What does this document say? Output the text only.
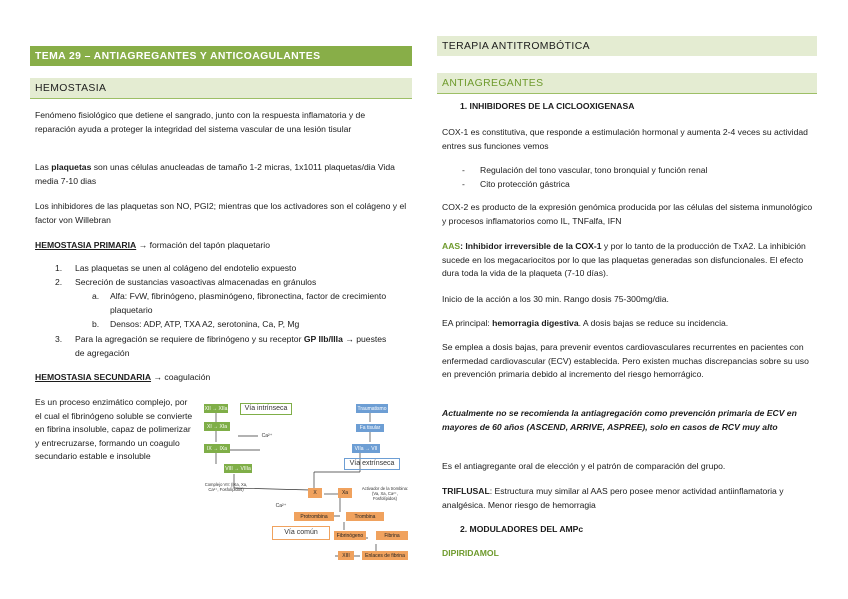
TEMA 29 – ANTIAGREGANTES Y ANTICOAGULANTES
HEMOSTASIA

Fenómeno fisiológico que detiene el sangrado, junto con la respuesta inflamatoria y de reparación ayuda a proteger la integridad del sistema vascular de una lesión tisular

Las plaquetas son unas células anucleadas de tamaño 1-2 micras, 1x1011 plaquetas/dia Vida media 7-10 dias

Los inhibidores de las plaquetas son NO, PGI2; mientras que los activadores son el colágeno y el factor von Willebran

HEMOSTASIA PRIMARIA → formación del tapón plaquetario

1. Las plaquetas se unen al colágeno del endotelio expuesto
2. Secreción de sustancias vasoactivas almacenadas en gránulos
a. Alfa: FvW, fibrinógeno, plasminógeno, fibronectina, factor de crecimiento plaquetario
b. Densos: ADP, ATP, TXA A2, serotonina, Ca, P, Mg
3. Para la agregación se requiere de fibrinógeno y su receptor GP IIb/IIIa → puestes de agregación

HEMOSTASIA SECUNDARIA → coagulación

Es un proceso enzimático complejo, por el cual el fibrinógeno soluble se convierte en fibrina insoluble, capaz de polimerizar y entrecruzarse, formando un coagulo secundario estable e insoluble

XII → XIIa	Vía intrínseca
XI → XIa
Ca²⁺
IX → IXa
VIII → VIIIa
Complejo VII: (IXa, Xa, Ca²⁺, Fosfolípidos)
Ca²⁺
Traumatismo
Fa tisular
VIIa → VII
Vía extrínseca
X	Xa
Activador de la trombina: (Va, Xa, Ca²⁺, Fosfolípidos)
Protrombina	Trombina
Vía común	Fibrinógeno	Fibrina
XIII	Enlaces de fibrina
TERAPIA ANTITROMBÓTICA
ANTIAGREGANTES

1. INHIBIDORES DE LA CICLOOXIGENASA

COX-1 es constitutiva, que responde a estimulación hormonal y aumenta 2-4 veces su actividad entres sus funciones vemos

- Regulación del tono vascular, tono bronquial y función renal
- Cito protección gástrica

COX-2 es producto de la expresión genómica producida por las células del sistema inmunológico y procesos inflamatorios como IL, TNFalfa, IFN

AAS: Inhibidor irreversible de la COX-1 y por lo tanto de la producción de TxA2. La inhibición sucede en los megacariocitos por lo que las plaquetas generadas son disfuncionales. El efecto dura toda la vida de la plaqueta (7-10 días).

Inicio de la acción a los 30 min. Rango dosis 75-300mg/dia.

EA principal: hemorragia digestiva. A dosis bajas se reduce su incidencia.

Se emplea a dosis bajas, para prevenir eventos cardiovasculares recurrentes en pacientes con enfermedad cardiovascular (ECV) establecida. Pero existen muchas discrepancias sobre su uso en prevención primaria debido al incremento del riesgo hemorrágico.

Actualmente no se recomienda la antiagregación como prevención primaria de ECV en mayores de 60 años (ASCEND, ARRIVE, ASPREE), solo en casos de RCV muy alto

Es el antiagregante oral de elección y el patrón de comparación del grupo.

TRIFLUSAL: Estructura muy similar al AAS pero posee menor actividad antiinflamatoria y analgésica. Menor riesgo de hemorragia

2. MODULADORES DEL AMPc

DIPIRIDAMOL
